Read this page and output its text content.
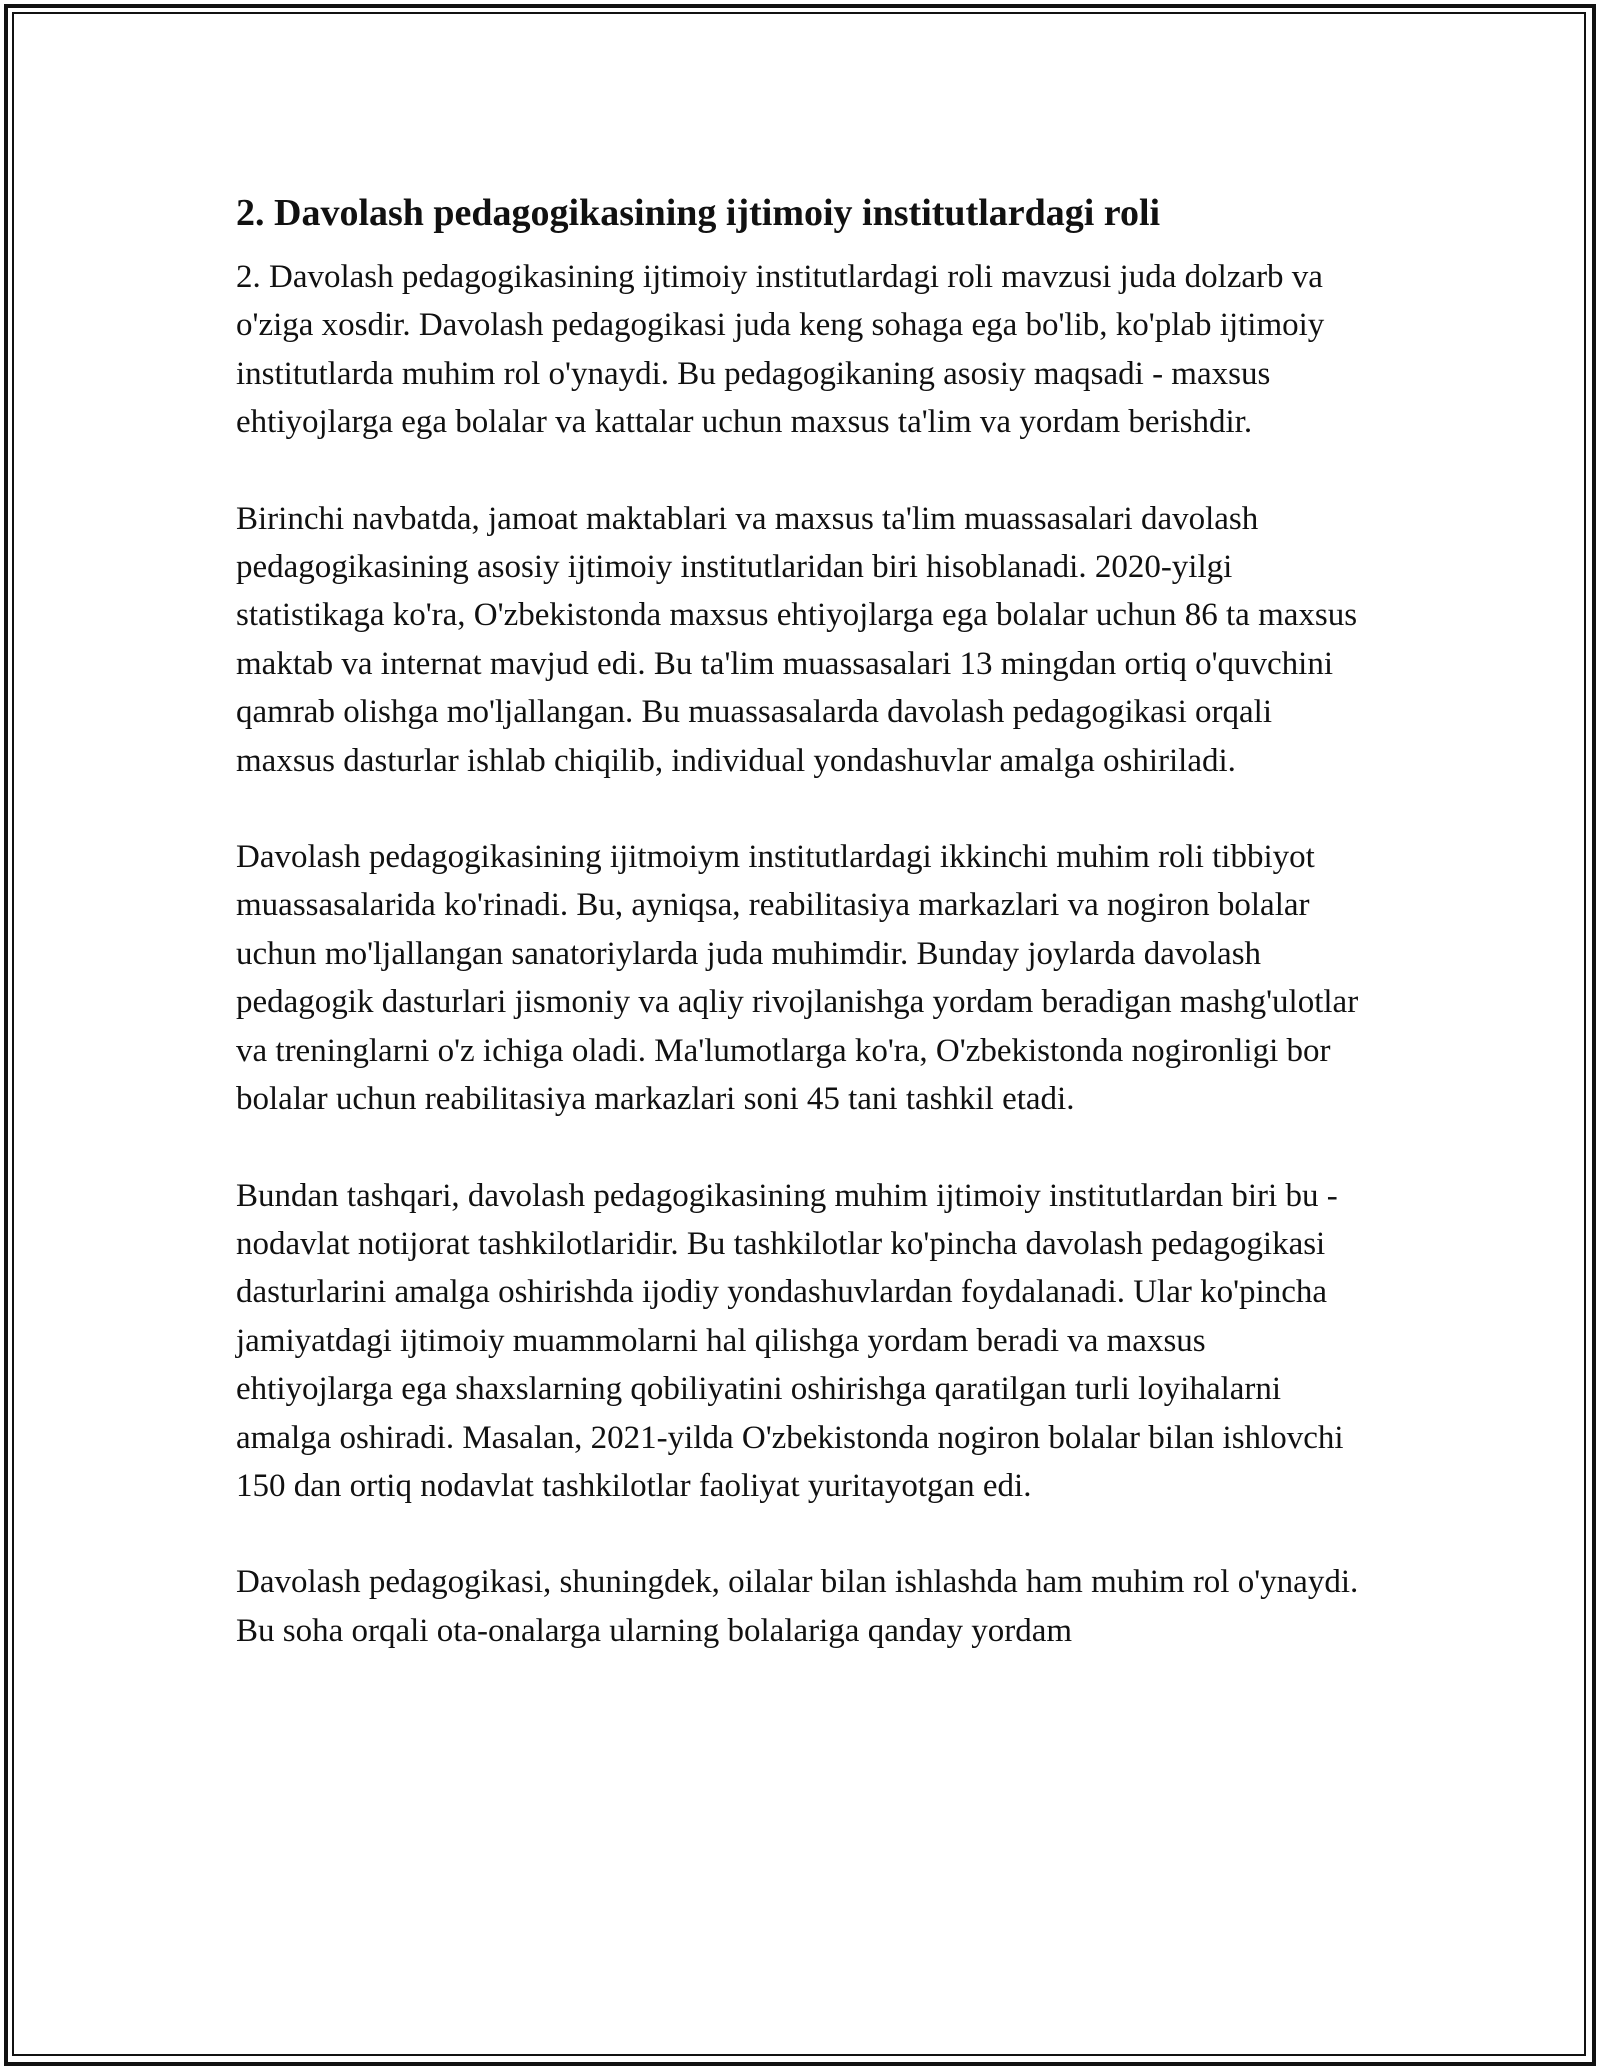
2. Davolash pedagogikasining ijtimoiy institutlardagi roli

2. Davolash pedagogikasining ijtimoiy institutlardagi roli mavzusi juda dolzarb va o'ziga xosdir. Davolash pedagogikasi juda keng sohaga ega bo'lib, ko'plab ijtimoiy institutlarda muhim rol o'ynaydi. Bu pedagogikaning asosiy maqsadi - maxsus ehtiyojlarga ega bolalar va kattalar uchun maxsus ta'lim va yordam berishdir.

Birinchi navbatda, jamoat maktablari va maxsus ta'lim muassasalari davolash pedagogikasining asosiy ijtimoiy institutlaridan biri hisoblanadi. 2020-yilgi statistikaga ko'ra, O'zbekistonda maxsus ehtiyojlarga ega bolalar uchun 86 ta maxsus maktab va internat mavjud edi. Bu ta'lim muassasalari 13 mingdan ortiq o'quvchini qamrab olishga mo'ljallangan. Bu muassasalarda davolash pedagogikasi orqali maxsus dasturlar ishlab chiqilib, individual yondashuvlar amalga oshiriladi.

Davolash pedagogikasining ijitmoiym institutlardagi ikkinchi muhim roli tibbiyot muassasalarida ko'rinadi. Bu, ayniqsa, reabilitasiya markazlari va nogiron bolalar uchun mo'ljallangan sanatoriylarda juda muhimdir. Bunday joylarda davolash pedagogik dasturlari jismoniy va aqliy rivojlanishga yordam beradigan mashg'ulotlar va treninglarni o'z ichiga oladi. Ma'lumotlarga ko'ra, O'zbekistonda nogironligi bor bolalar uchun reabilitasiya markazlari soni 45 tani tashkil etadi.

Bundan tashqari, davolash pedagogikasining muhim ijtimoiy institutlardan biri bu - nodavlat notijorat tashkilotlaridir. Bu tashkilotlar ko'pincha davolash pedagogikasi dasturlarini amalga oshirishda ijodiy yondashuvlardan foydalanadi. Ular ko'pincha jamiyatdagi ijtimoiy muammolarni hal qilishga yordam beradi va maxsus ehtiyojlarga ega shaxslarning qobiliyatini oshirishga qaratilgan turli loyihalarni amalga oshiradi. Masalan, 2021-yilda O'zbekistonda nogiron bolalar bilan ishlovchi 150 dan ortiq nodavlat tashkilotlar faoliyat yuritayotgan edi.

Davolash pedagogikasi, shuningdek, oilalar bilan ishlashda ham muhim rol o'ynaydi. Bu soha orqali ota-onalarga ularning bolalariga qanday yordam
